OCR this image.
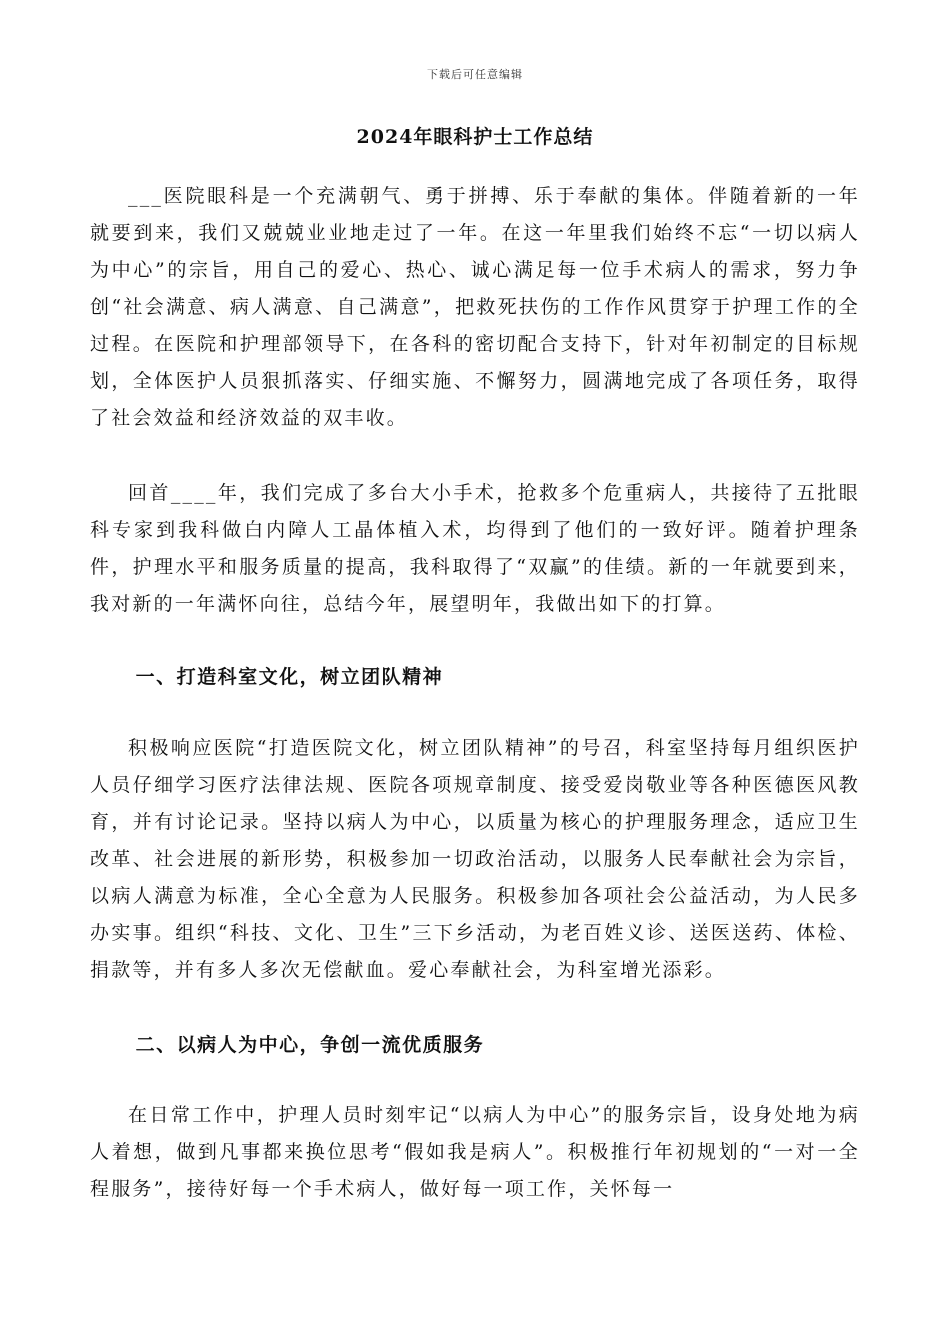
下载后可任意编辑
2024年眼科护士工作总结

___医院眼科是一个充满朝气、勇于拼搏、乐于奉献的集体。伴随着新的一年就要到来，我们又兢兢业业地走过了一年。在这一年里我们始终不忘“一切以病人为中心”的宗旨，用自己的爱心、热心、诚心满足每一位手术病人的需求，努力争创“社会满意、病人满意、自己满意”，把救死扶伤的工作作风贯穿于护理工作的全过程。在医院和护理部领导下，在各科的密切配合支持下，针对年初制定的目标规划，全体医护人员狠抓落实、仔细实施、不懈努力，圆满地完成了各项任务，取得了社会效益和经济效益的双丰收。

回首____年，我们完成了多台大小手术，抢救多个危重病人，共接待了五批眼科专家到我科做白内障人工晶体植入术，均得到了他们的一致好评。随着护理条件，护理水平和服务质量的提高，我科取得了“双赢”的佳绩。新的一年就要到来，我对新的一年满怀向往，总结今年，展望明年，我做出如下的打算。

一、打造科室文化，树立团队精神

积极响应医院“打造医院文化，树立团队精神”的号召，科室坚持每月组织医护人员仔细学习医疗法律法规、医院各项规章制度、接受爱岗敬业等各种医德医风教育，并有讨论记录。坚持以病人为中心，以质量为核心的护理服务理念，适应卫生改革、社会进展的新形势，积极参加一切政治活动，以服务人民奉献社会为宗旨，以病人满意为标准，全心全意为人民服务。积极参加各项社会公益活动，为人民多办实事。组织“科技、文化、卫生”三下乡活动，为老百姓义诊、送医送药、体检、捐款等，并有多人多次无偿献血。爱心奉献社会，为科室增光添彩。

二、以病人为中心，争创一流优质服务

在日常工作中，护理人员时刻牢记“以病人为中心”的服务宗旨，设身处地为病人着想，做到凡事都来换位思考“假如我是病人”。积极推行年初规划的“一对一全程服务”，接待好每一个手术病人，做好每一项工作，关怀每一
